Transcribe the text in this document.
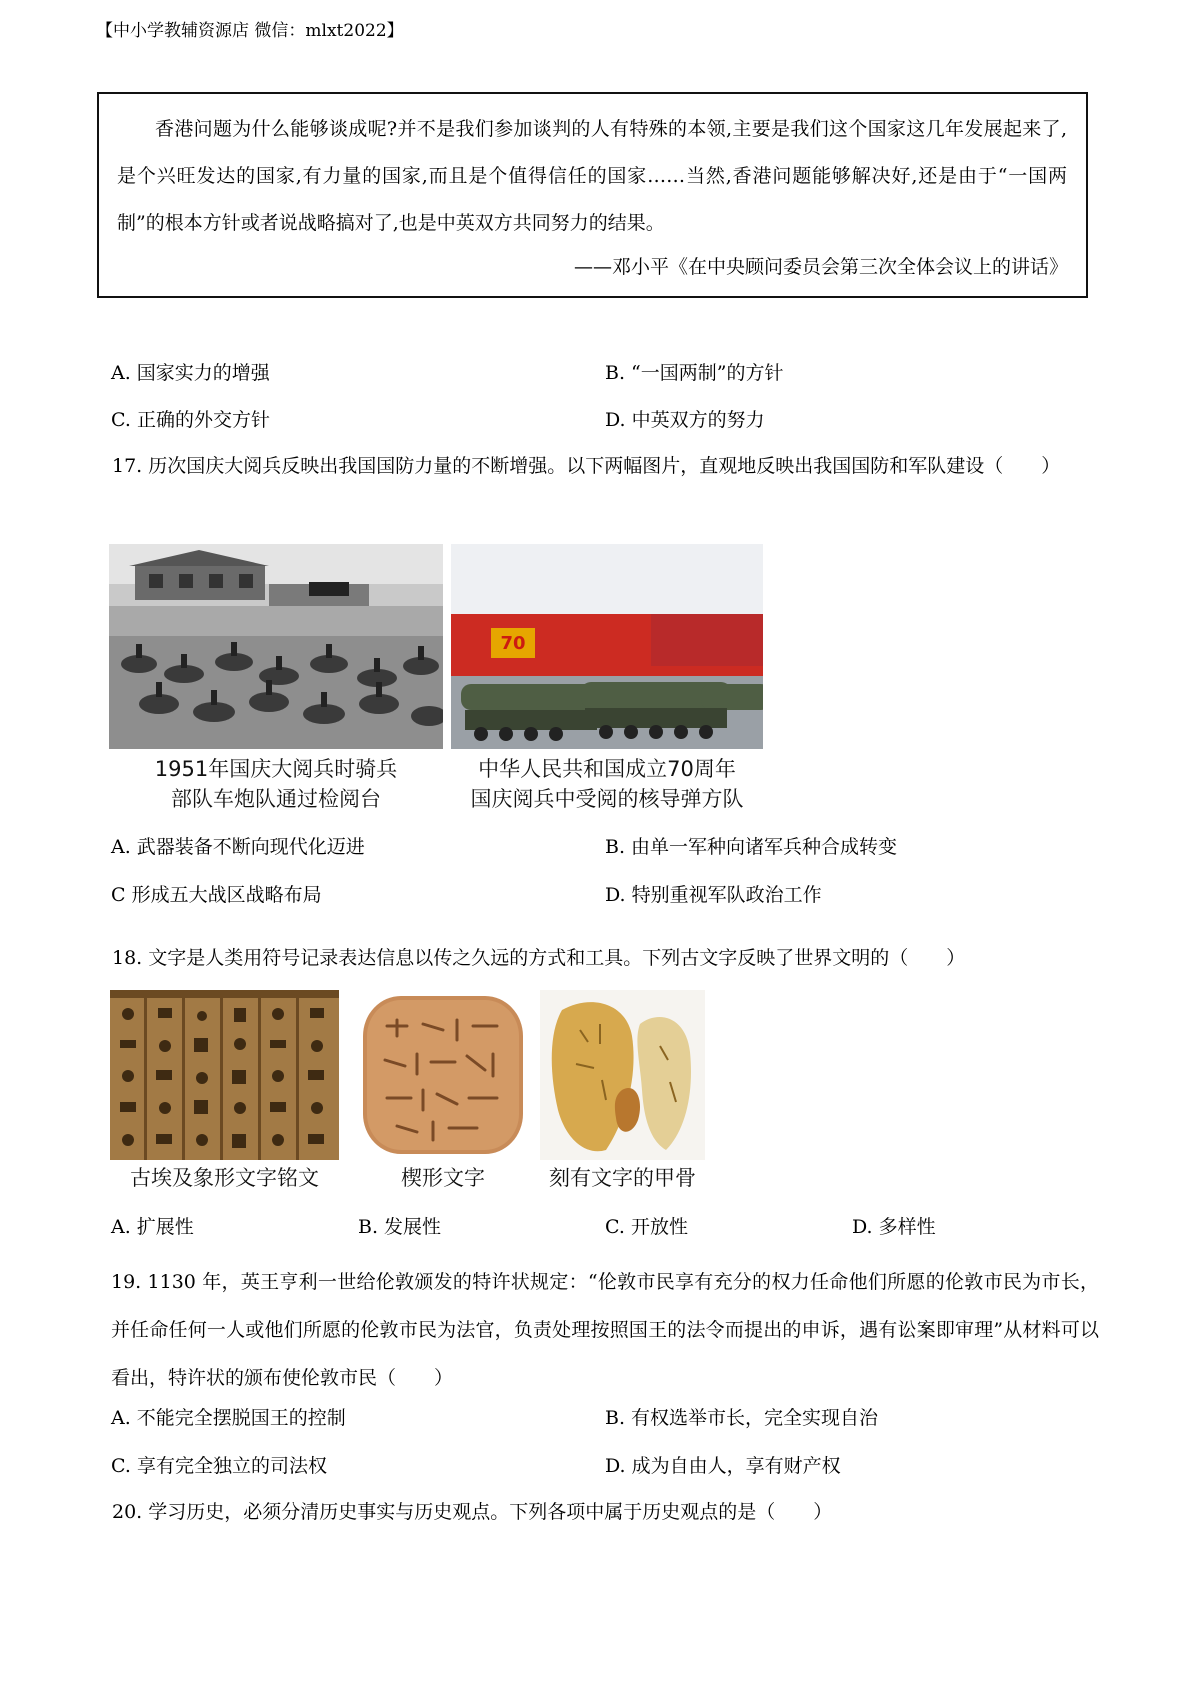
【中小学教辅资源店 微信：mlxt2022】
香港问题为什么能够谈成呢?并不是我们参加谈判的人有特殊的本领,主要是我们这个国家这几年发展起来了,是个兴旺发达的国家,有力量的国家,而且是个值得信任的国家……当然,香港问题能够解决好,还是由于“一国两制”的根本方针或者说战略搞对了,也是中英双方共同努力的结果。
——邓小平《在中央顾问委员会第三次全体会议上的讲话》
A. 国家实力的增强	B. “一国两制”的方针
C. 正确的外交方针	D. 中英双方的努力
17. 历次国庆大阅兵反映出我国国防力量的不断增强。以下两幅图片，直观地反映出我国国防和军队建设（　　）
1951年国庆大阅兵时骑兵
部队车炮队通过检阅台
70
中华人民共和国成立70周年
国庆阅兵中受阅的核导弹方队
A. 武器装备不断向现代化迈进	B. 由单一军种向诸军兵种合成转变
C 形成五大战区战略布局	D. 特别重视军队政治工作
18. 文字是人类用符号记录表达信息以传之久远的方式和工具。下列古文字反映了世界文明的（　　）
古埃及象形文字铭文	楔形文字	刻有文字的甲骨
A. 扩展性	B. 发展性	C. 开放性	D. 多样性
19. 1130 年，英王亨利一世给伦敦颁发的特许状规定：“伦敦市民享有充分的权力任命他们所愿的伦敦市民为市长，并任命任何一人或他们所愿的伦敦市民为法官，负责处理按照国王的法令而提出的申诉，遇有讼案即审理”从材料可以看出，特许状的颁布使伦敦市民（　　）
A. 不能完全摆脱国王的控制	B. 有权选举市长，完全实现自治
C. 享有完全独立的司法权	D. 成为自由人，享有财产权
20. 学习历史，必须分清历史事实与历史观点。下列各项中属于历史观点的是（　　）
